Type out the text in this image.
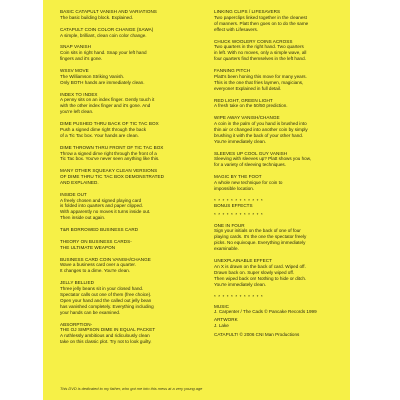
BASIC CATAPULT VANISH AND VARIATIONS
The basic building block. Explained.
CATAPULT COIN COLOR CHANGE (SAWA)
A simple, brilliant, clean coin color change.
SNAP VANISH
Coin sits in right hand. Snap your left hand
fingers and it's gone.
WSSV MOVE
The Williamson Striking Vanish.
Only BOTH hands are immediately clean.
INDEX TO INDEX
A penny sits on an index finger. Gently touch it
with the other index finger and it's gone. And
you're left clean.
DIME PUSHED THRU BACK OF TIC TAC BOX
Push a signed dime right through the back
of a Tic Tac box. Your hands are clean.
DIME THROWN THRU FRONT OF TIC TAC BOX
Throw a signed dime right through the front of a
Tic Tac box. You've never seen anything like this.
MANY OTHER SQUEAKY CLEAN VERSIONS
OF DIME THRU TIC TAC BOX DEMONSTRATED
AND EXPLAINED.
INSIDE OUT
A freely chosen and signed playing card
is folded into quarters and paper clipped.
With apparently no moves it turns inside out.
Then inside out again.
T&R BORROWED BUSINESS CARD
THEORY ON BUSINESS CARDS-
THE ULTIMATE WEAPON
BUSINESS CARD COIN VANISH/CHANGE
Wave a business card over a quarter.
It changes to a dime. You're clean.
JELLY BELLIED
Three jelly beans sit in your closed hand.
Spectator calls out one of them (free choice).
Open your hand and the called out jelly bean
has vanished completely. Everything including
your hands can be examined.
ABSORPTION-
THE OJ SIMPSON DIME IN EQUAL PACKET
A ruthlessly ambitious and ridiculously clean
take on this classic plot. Try not to look guilty.
LINKING CLIPS / LIFESAVERS
Two paperclips linked together in the cleanest
of manners. Platt then goes on to do the same
effect with Lifesavers.
CHUCK WOOLERY COINS ACROSS
Two quarters in the right hand. Two quarters
in left. With no moves, only a simple wave, all
four quarters find themselves in the left hand.
FANNING PITCH
Platt's been honing this move for many years.
This is the one that fries laymen, magicians,
everyone! Explained in full detail.
RED LIGHT, GREEN LIGHT
A fresh take on the 50/50 prediction.
WIPE AWAY VANISH/CHANGE
A coin in the palm of you hand is brushed into
thin air or changed into another coin by simply
brushing it with the back of your other hand.
You're immediately clean.
SLEEVES UP COOL GUY VANISH
Sleeving with sleeves up? Platt shows you how,
for a variety of sleeving techniques.
MAGIC BY THE FOOT
A whole new technique for coin to
impossible location.
* * * * * * * * * * * *
BONUS EFFECTS
* * * * * * * * * * * *
ONE IN FOUR
Sign your initials on the back of one of four
playing cards. It's the one the spectator freely
picks. No equivoque. Everything immediately
examinable.
UNEXPLAINABLE EFFECT
An X is drawn on the back of card. Wiped off.
Drawn back on. Super slowly wiped off.
Then wiped back on! Nothing to hide or ditch.
You're immediately clean.
* * * * * * * * * * * *
MUSIC
J. Carpenter / The Cads © Pancake Records 1999
ARTWORK
J. Lake
CATAPULT! © 2006 CNI Man Productions
This DVD is dedicated to my father, who got me into this mess at a very young age
